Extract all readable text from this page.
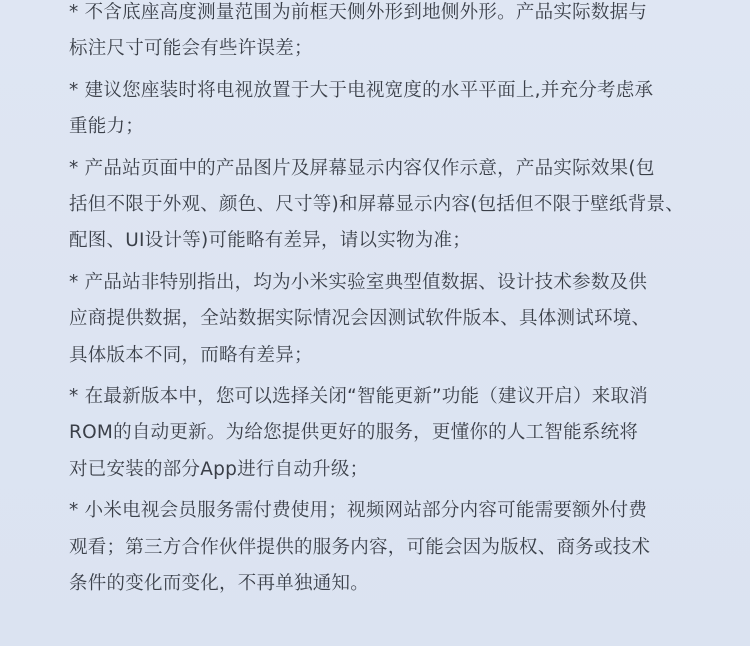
* 不含底座高度测量范围为前框天侧外形到地侧外形。产品实际数据与
标注尺寸可能会有些许误差；
* 建议您座装时将电视放置于大于电视宽度的水平平面上,并充分考虑承
重能力；
* 产品站页面中的产品图片及屏幕显示内容仅作示意，产品实际效果(包
括但不限于外观、颜色、尺寸等)和屏幕显示内容(包括但不限于壁纸背景、
配图、UI设计等)可能略有差异，请以实物为准；
* 产品站非特别指出，均为小米实验室典型值数据、设计技术参数及供
应商提供数据，全站数据实际情况会因测试软件版本、具体测试环境、
具体版本不同，而略有差异；
* 在最新版本中，您可以选择关闭“智能更新”功能（建议开启）来取消
ROM的自动更新。为给您提供更好的服务，更懂你的人工智能系统将
对已安装的部分App进行自动升级；
* 小米电视会员服务需付费使用；视频网站部分内容可能需要额外付费
观看；第三方合作伙伴提供的服务内容，可能会因为版权、商务或技术
条件的变化而变化，不再单独通知。
